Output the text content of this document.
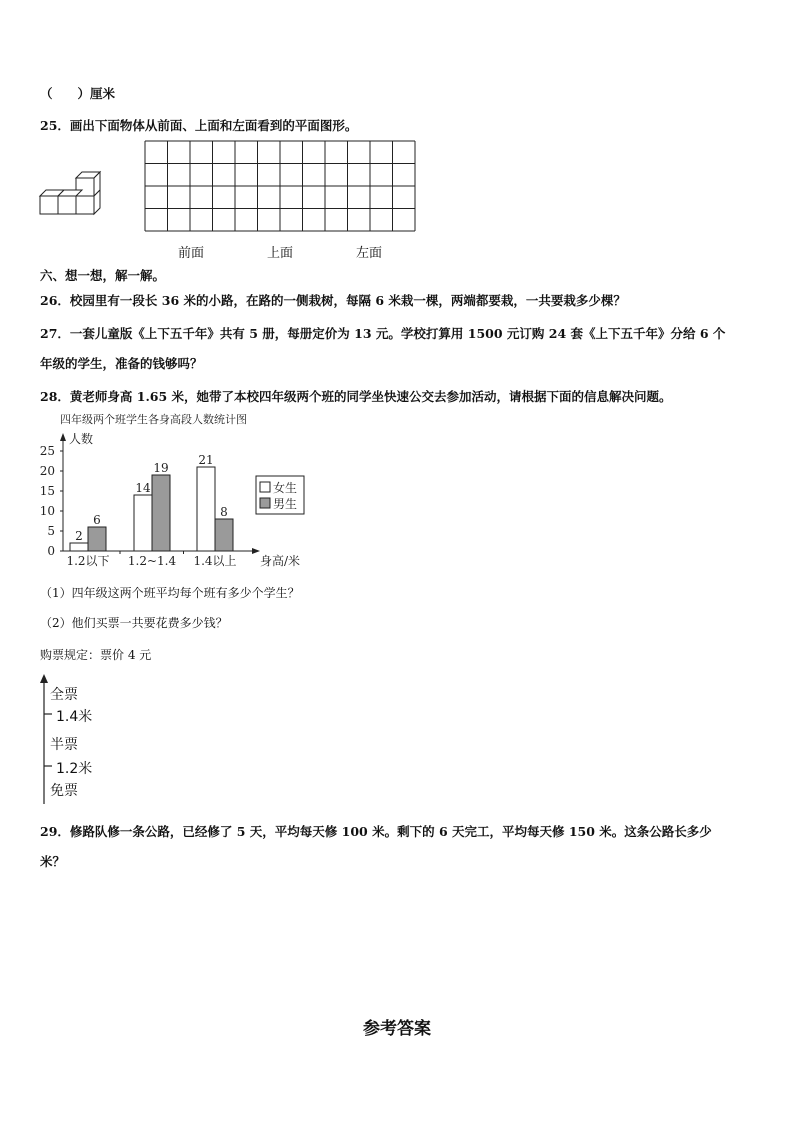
（　　）厘米
25．画出下面物体从前面、上面和左面看到的平面图形。
前面	上面	左面
六、想一想，解一解。
26．校园里有一段长 36 米的小路，在路的一侧栽树，每隔 6 米栽一棵，两端都要栽，一共要栽多少棵？
27．一套儿童版《上下五千年》共有 5 册，每册定价为 13 元。学校打算用 1500 元订购 24 套《上下五千年》分给 6 个
年级的学生，准备的钱够吗？
28．黄老师身高 1.65 米，她带了本校四年级两个班的同学坐快速公交去参加活动，请根据下面的信息解决问题。
四年级两个班学生各身高段人数统计图
人数
身高/米
0
5
10
15
20
25
2
6
1.2以下
14
19
1.2~1.4
21
8
1.4以上
女生
男生
（1）四年级这两个班平均每个班有多少个学生？
（2）他们买票一共要花费多少钱？
购票规定：票价 4 元
全票
1.4米
半票
1.2米
免票
29．修路队修一条公路，已经修了 5 天，平均每天修 100 米。剩下的 6 天完工，平均每天修 150 米。这条公路长多少
米？
参考答案
